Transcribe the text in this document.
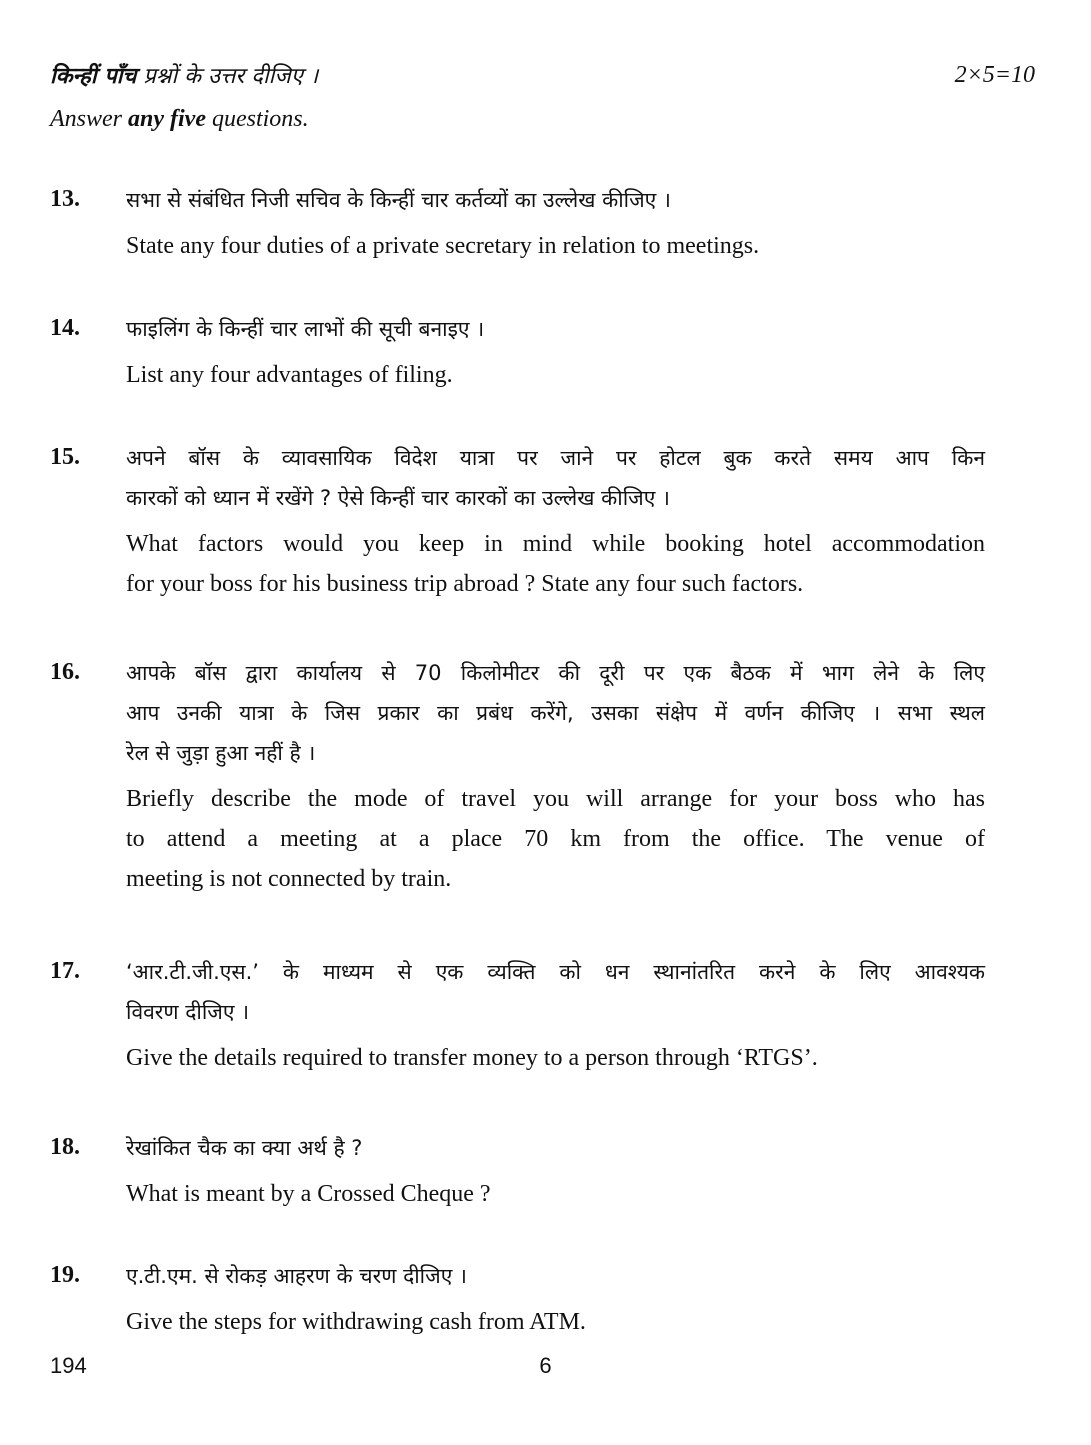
किन्हीं पाँच प्रश्नों के उत्तर दीजिए ।	2×5=10
Answer any five questions.
13.	सभा से संबंधित निजी सचिव के किन्हीं चार कर्तव्यों का उल्लेख कीजिए ।
State any four duties of a private secretary in relation to meetings.
14.	फाइलिंग के किन्हीं चार लाभों की सूची बनाइए ।
List any four advantages of filing.
15.	अपने बॉस के व्यावसायिक विदेश यात्रा पर जाने पर होटल बुक करते समय आप किन
कारकों को ध्यान में रखेंगे ? ऐसे किन्हीं चार कारकों का उल्लेख कीजिए ।
What factors would you keep in mind while booking hotel accommodation
for your boss for his business trip abroad ? State any four such factors.
16.	आपके बॉस द्वारा कार्यालय से 70 किलोमीटर की दूरी पर एक बैठक में भाग लेने के लिए
आप उनकी यात्रा के जिस प्रकार का प्रबंध करेंगे, उसका संक्षेप में वर्णन कीजिए । सभा स्थल
रेल से जुड़ा हुआ नहीं है ।
Briefly describe the mode of travel you will arrange for your boss who has
to attend a meeting at a place 70 km from the office. The venue of
meeting is not connected by train.
17.	‘आर.टी.जी.एस.’ के माध्यम से एक व्यक्ति को धन स्थानांतरित करने के लिए आवश्यक
विवरण दीजिए ।
Give the details required to transfer money to a person through ‘RTGS’.
18.	रेखांकित चैक का क्या अर्थ है ?
What is meant by a Crossed Cheque ?
19.	ए.टी.एम. से रोकड़ आहरण के चरण दीजिए ।
Give the steps for withdrawing cash from ATM.
6
194
